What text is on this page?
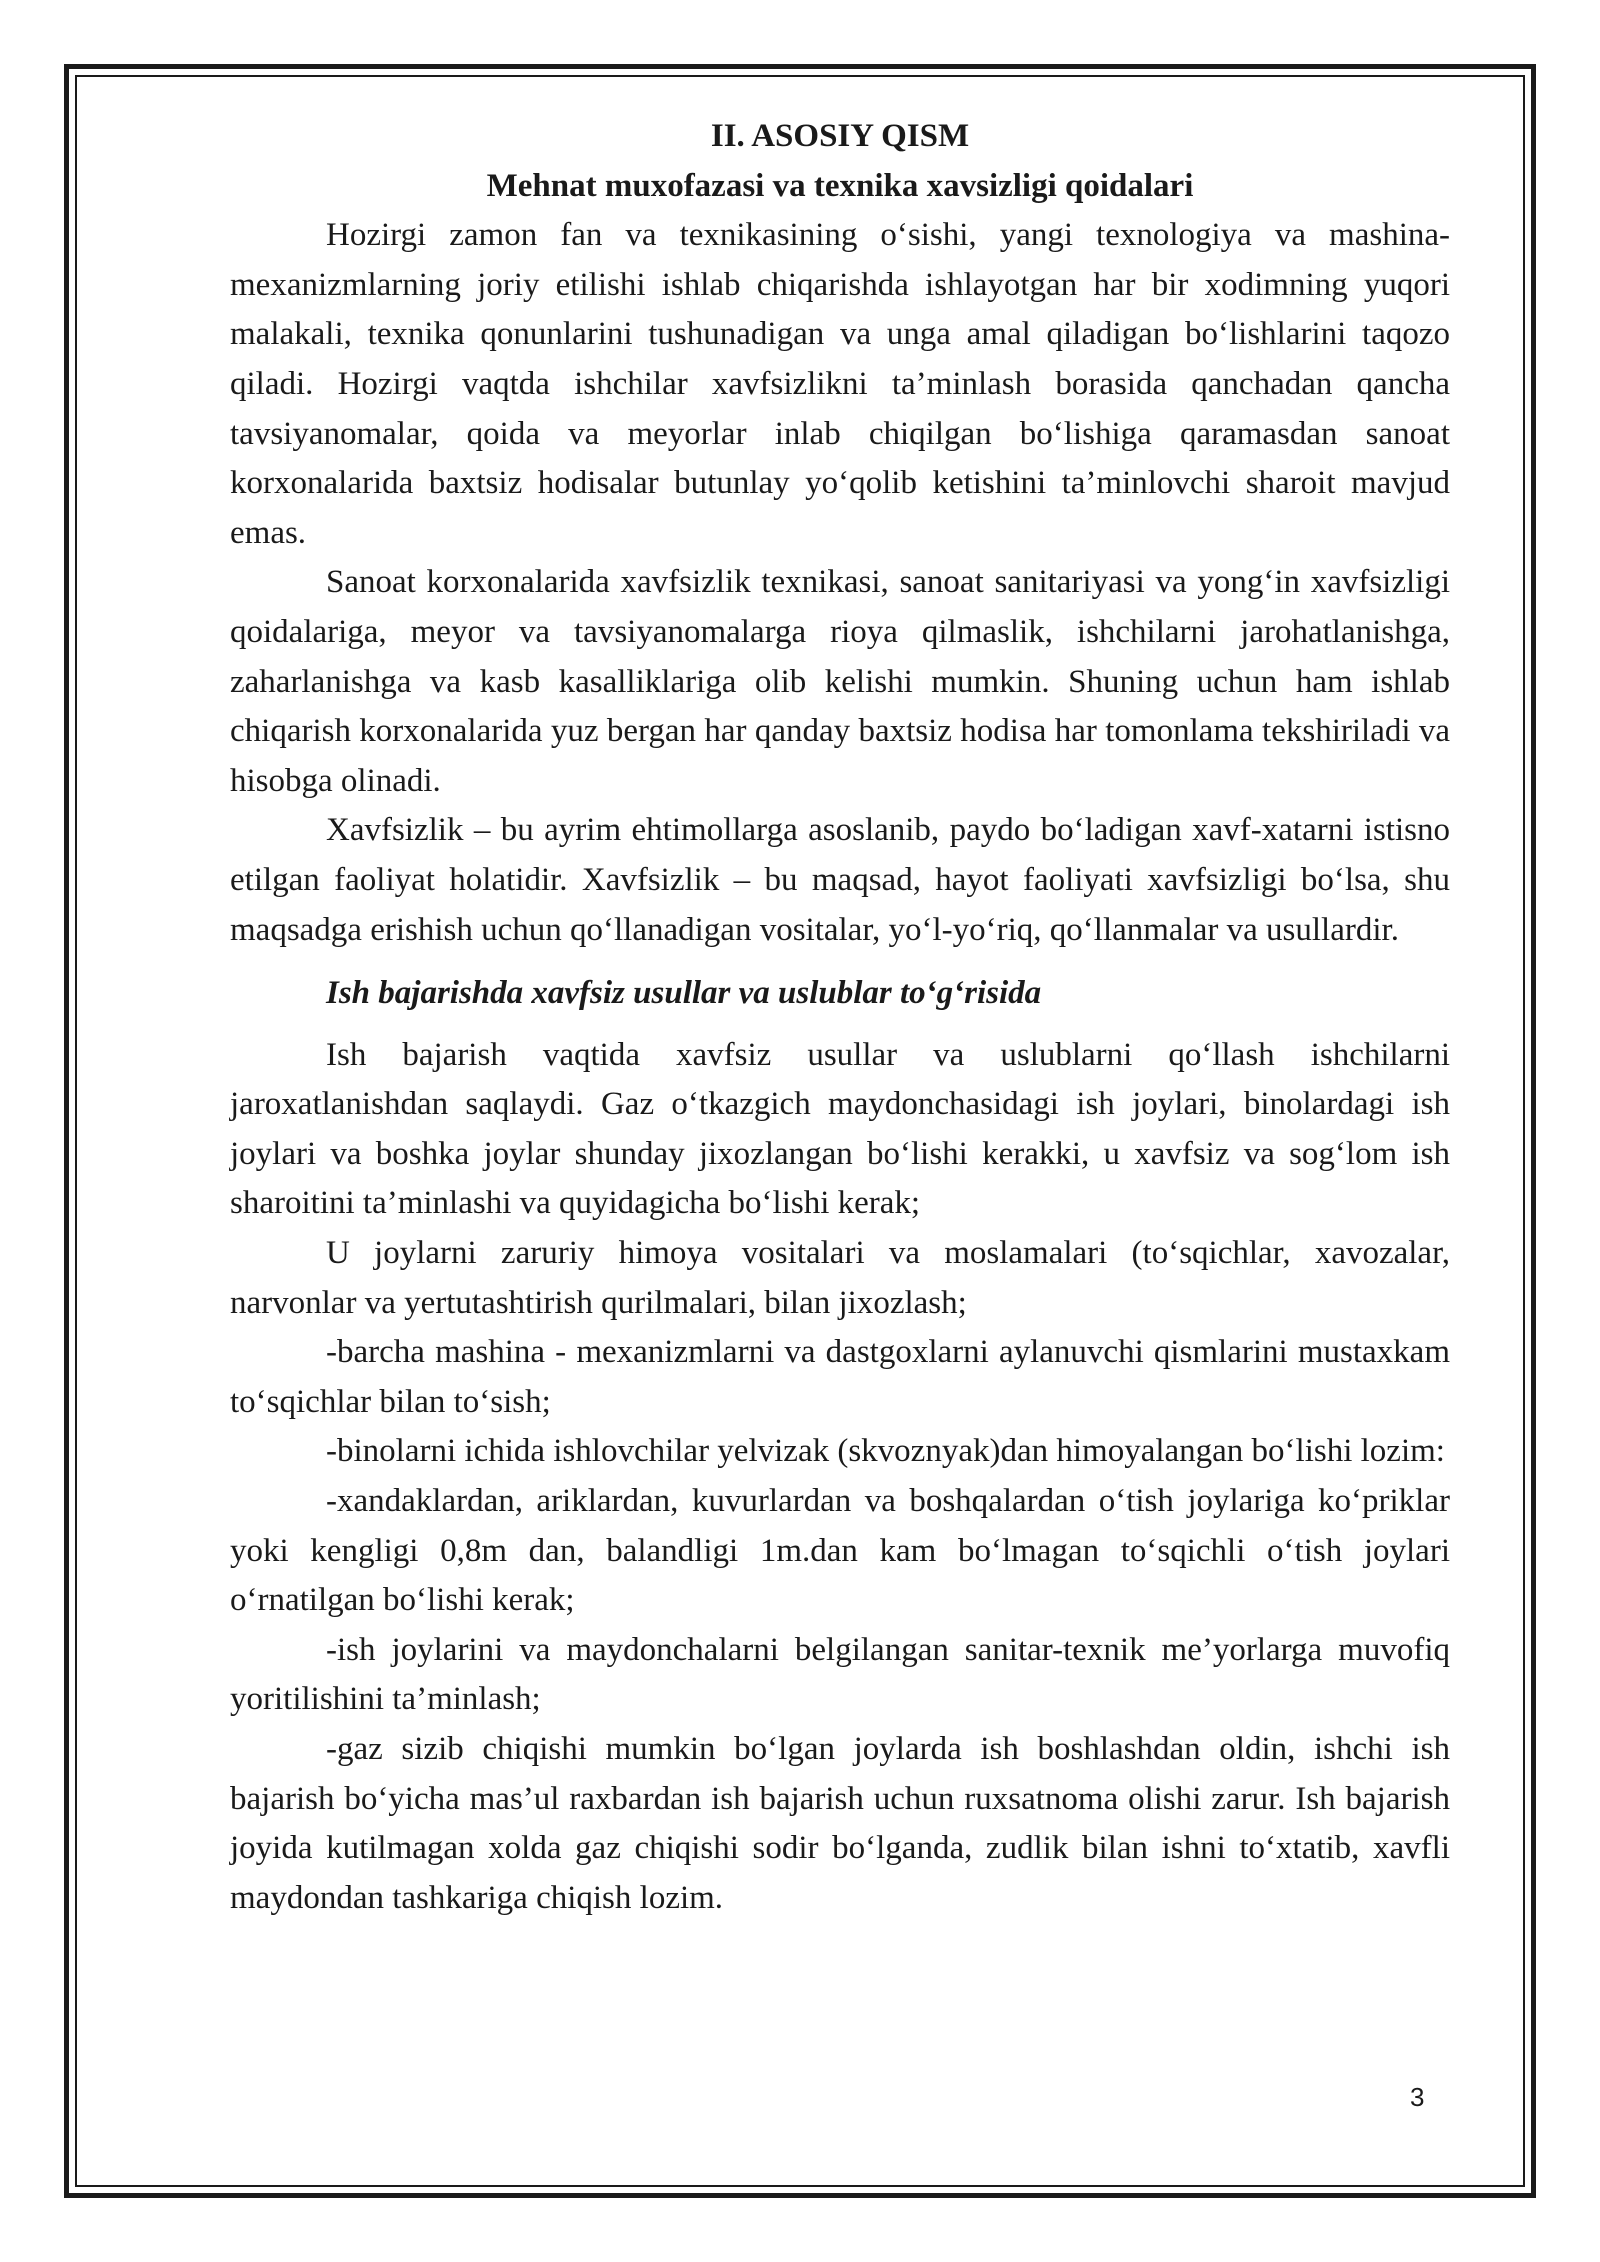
II. ASOSIY QISM

Mehnat muxofazasi va texnika xavsizligi qoidalari

Hozirgi zamon fan va texnikasining o‘sishi, yangi texnologiya va mashina-mexanizmlarning joriy etilishi ishlab chiqarishda ishlayotgan har bir xodimning yuqori malakali, texnika qonunlarini tushunadigan va unga amal qiladigan bo‘lishlarini taqozo qiladi. Hozirgi vaqtda ishchilar xavfsizlikni ta’minlash borasida qanchadan qancha tavsiyanomalar, qoida va meyorlar inlab chiqilgan bo‘lishiga qaramasdan sanoat korxonalarida baxtsiz hodisalar butunlay yo‘qolib ketishini ta’minlovchi sharoit mavjud emas.

Sanoat korxonalarida xavfsizlik texnikasi, sanoat sanitariyasi va yong‘in xavfsizligi qoidalariga, meyor va tavsiyanomalarga rioya qilmaslik, ishchilarni jarohatlanishga, zaharlanishga va kasb kasalliklariga olib kelishi mumkin. Shuning uchun ham ishlab chiqarish korxonalarida yuz bergan har qanday baxtsiz hodisa har tomonlama tekshiriladi va hisobga olinadi.

Xavfsizlik – bu ayrim ehtimollarga asoslanib, paydo bo‘ladigan xavf-xatarni istisno etilgan faoliyat holatidir. Xavfsizlik – bu maqsad, hayot faoliyati xavfsizligi bo‘lsa, shu maqsadga erishish uchun qo‘llanadigan vositalar, yo‘l-yo‘riq, qo‘llanmalar va usullardir.

Ish bajarishda xavfsiz usullar va uslublar to‘g‘risida

Ish bajarish vaqtida xavfsiz usullar va uslublarni qo‘llash ishchilarni jaroxatlanishdan saqlaydi. Gaz o‘tkazgich maydonchasidagi ish joylari, binolardagi ish joylari va boshka joylar shunday jixozlangan bo‘lishi kerakki, u xavfsiz va sog‘lom ish sharoitini ta’minlashi va quyidagicha bo‘lishi kerak;

U joylarni zaruriy himoya vositalari va moslamalari (to‘sqichlar, xavozalar, narvonlar va yertutashtirish qurilmalari, bilan jixozlash;

-barcha mashina - mexanizmlarni va dastgoxlarni aylanuvchi qismlarini mustaxkam to‘sqichlar bilan to‘sish;

-binolarni ichida ishlovchilar yelvizak (skvoznyak)dan himoyalangan bo‘lishi lozim:

-xandaklardan, ariklardan, kuvurlardan va boshqalardan o‘tish joylariga ko‘priklar yoki kengligi 0,8m dan, balandligi 1m.dan kam bo‘lmagan to‘sqichli o‘tish joylari o‘rnatilgan bo‘lishi kerak;

-ish joylarini va maydonchalarni belgilangan sanitar-texnik me’yorlarga muvofiq yoritilishini ta’minlash;

-gaz sizib chiqishi mumkin bo‘lgan joylarda ish boshlashdan oldin, ishchi ish bajarish bo‘yicha mas’ul raxbardan ish bajarish uchun ruxsatnoma olishi zarur. Ish bajarish joyida kutilmagan xolda gaz chiqishi sodir bo‘lganda, zudlik bilan ishni to‘xtatib, xavfli maydondan tashkariga chiqish lozim.

3
